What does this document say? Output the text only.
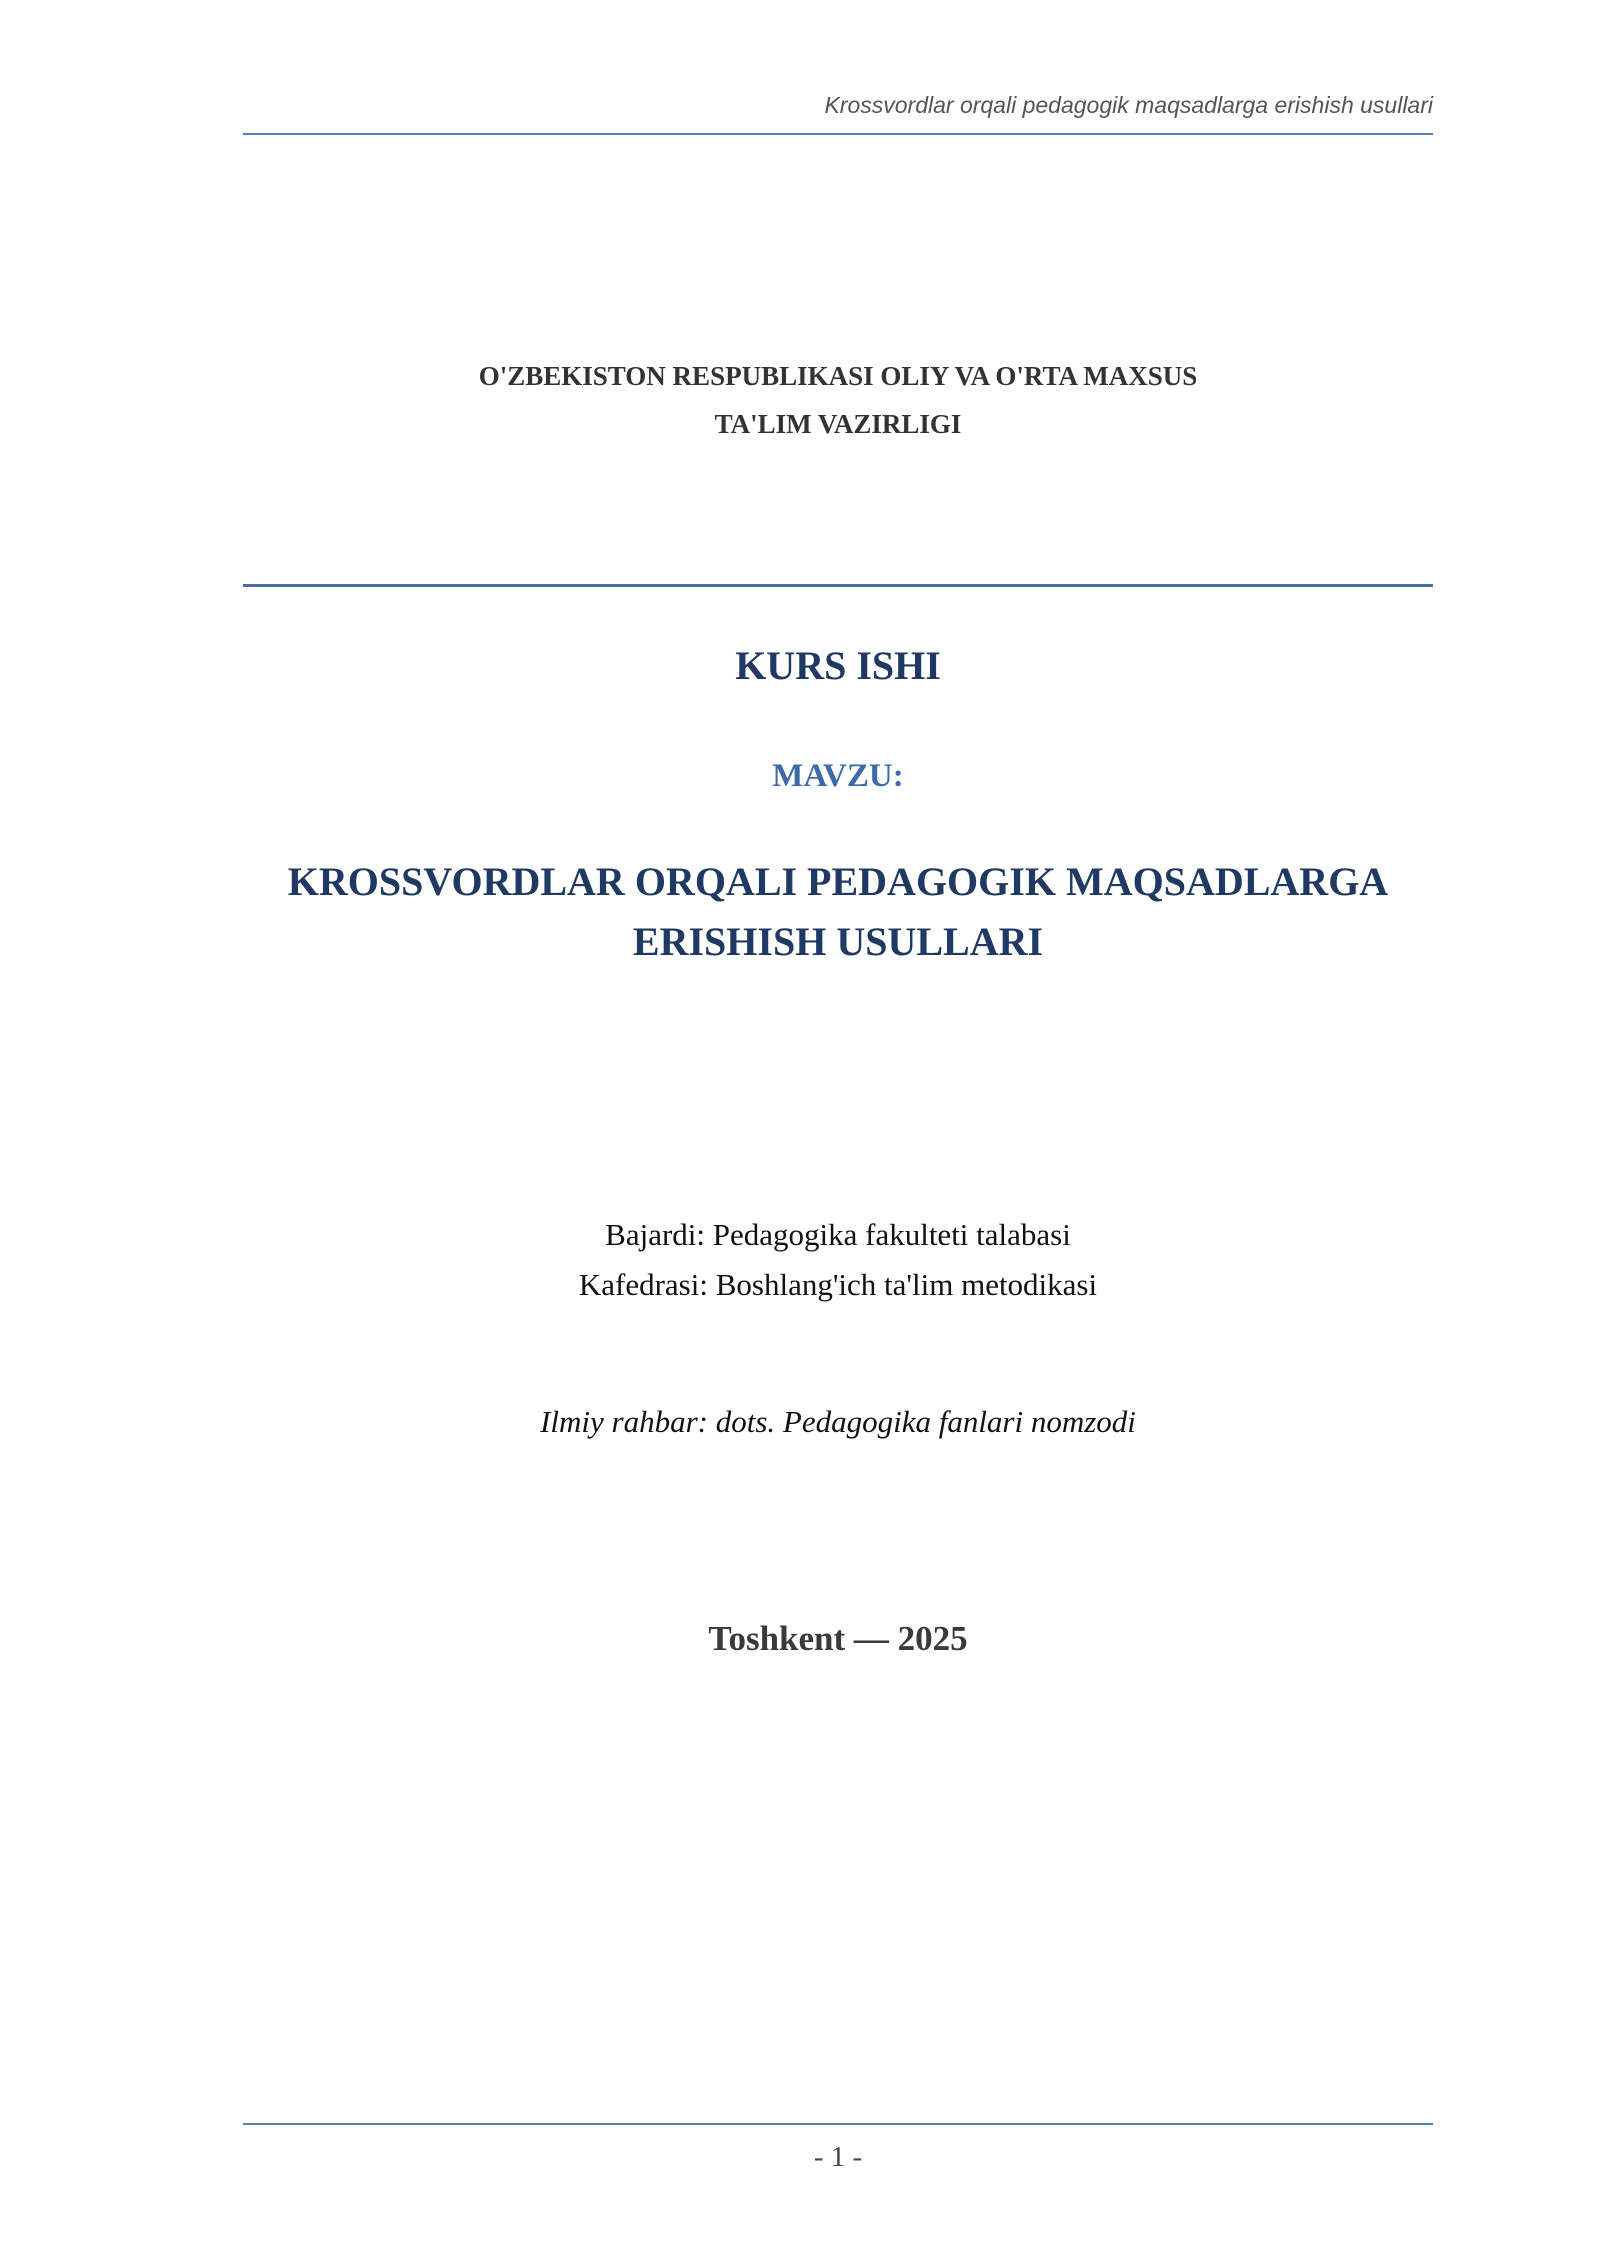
Krossvordlar orqali pedagogik maqsadlarga erishish usullari
O'ZBEKISTON RESPUBLIKASI OLIY VA O'RTA MAXSUS
TA'LIM VAZIRLIGI
KURS ISHI
MAVZU:
KROSSVORDLAR ORQALI PEDAGOGIK MAQSADLARGA
ERISHISH USULLARI
Bajardi: Pedagogika fakulteti talabasi
Kafedrasi: Boshlang'ich ta'lim metodikasi
Ilmiy rahbar: dots. Pedagogika fanlari nomzodi
Toshkent — 2025
- 1 -
